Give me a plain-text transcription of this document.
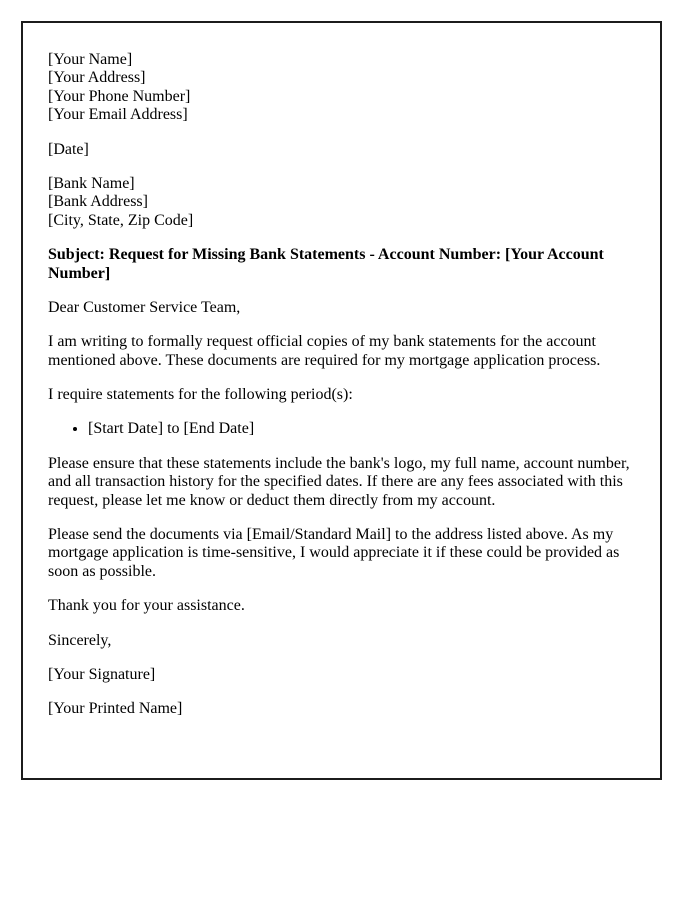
[Your Name]
[Your Address]
[Your Phone Number]
[Your Email Address]

[Date]

[Bank Name]
[Bank Address]
[City, State, Zip Code]

Subject: Request for Missing Bank Statements - Account Number: [Your Account Number]

Dear Customer Service Team,

I am writing to formally request official copies of my bank statements for the account mentioned above. These documents are required for my mortgage application process.

I require statements for the following period(s):

• [Start Date] to [End Date]

Please ensure that these statements include the bank's logo, my full name, account number, and all transaction history for the specified dates. If there are any fees associated with this request, please let me know or deduct them directly from my account.

Please send the documents via [Email/Standard Mail] to the address listed above. As my mortgage application is time-sensitive, I would appreciate it if these could be provided as soon as possible.

Thank you for your assistance.

Sincerely,

[Your Signature]

[Your Printed Name]
